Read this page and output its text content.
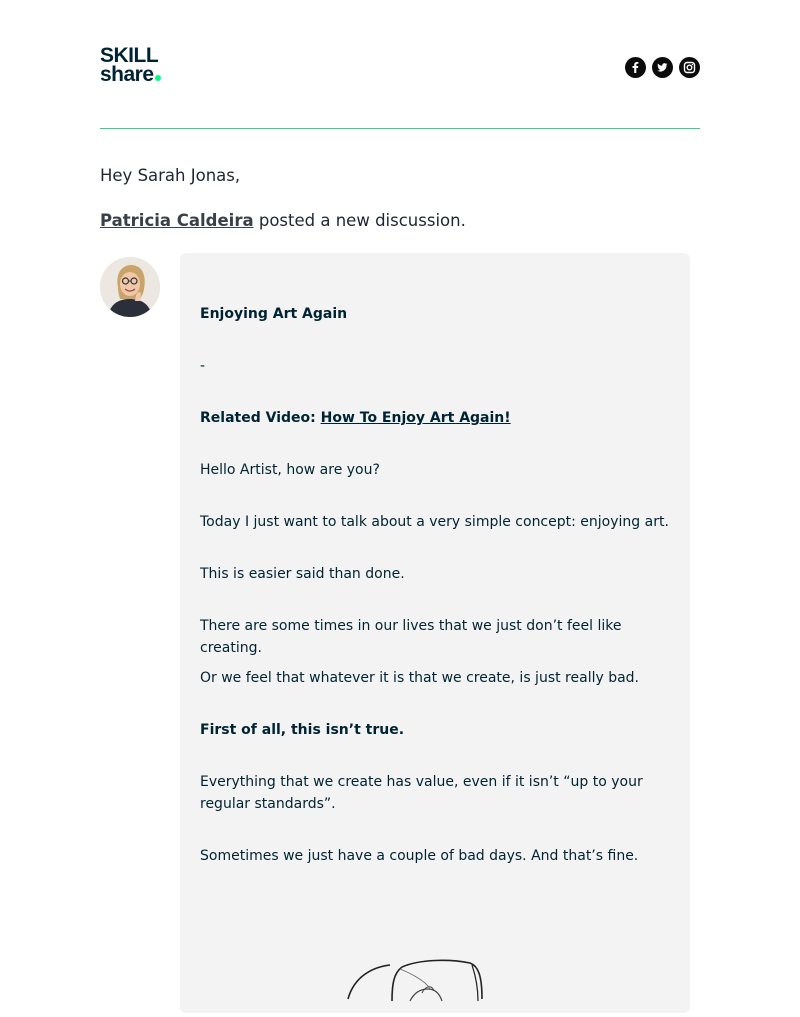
SKILL
share
Hey Sarah Jonas,
Patricia Caldeira posted a new discussion.

Enjoying Art Again

-

Related Video: How To Enjoy Art Again!

Hello Artist, how are you?

Today I just want to talk about a very simple concept: enjoying art.

This is easier said than done.

There are some times in our lives that we just don’t feel like creating.

Or we feel that whatever it is that we create, is just really bad.

First of all, this isn’t true.

Everything that we create has value, even if it isn’t “up to your regular standards”.

Sometimes we just have a couple of bad days. And that’s fine.
